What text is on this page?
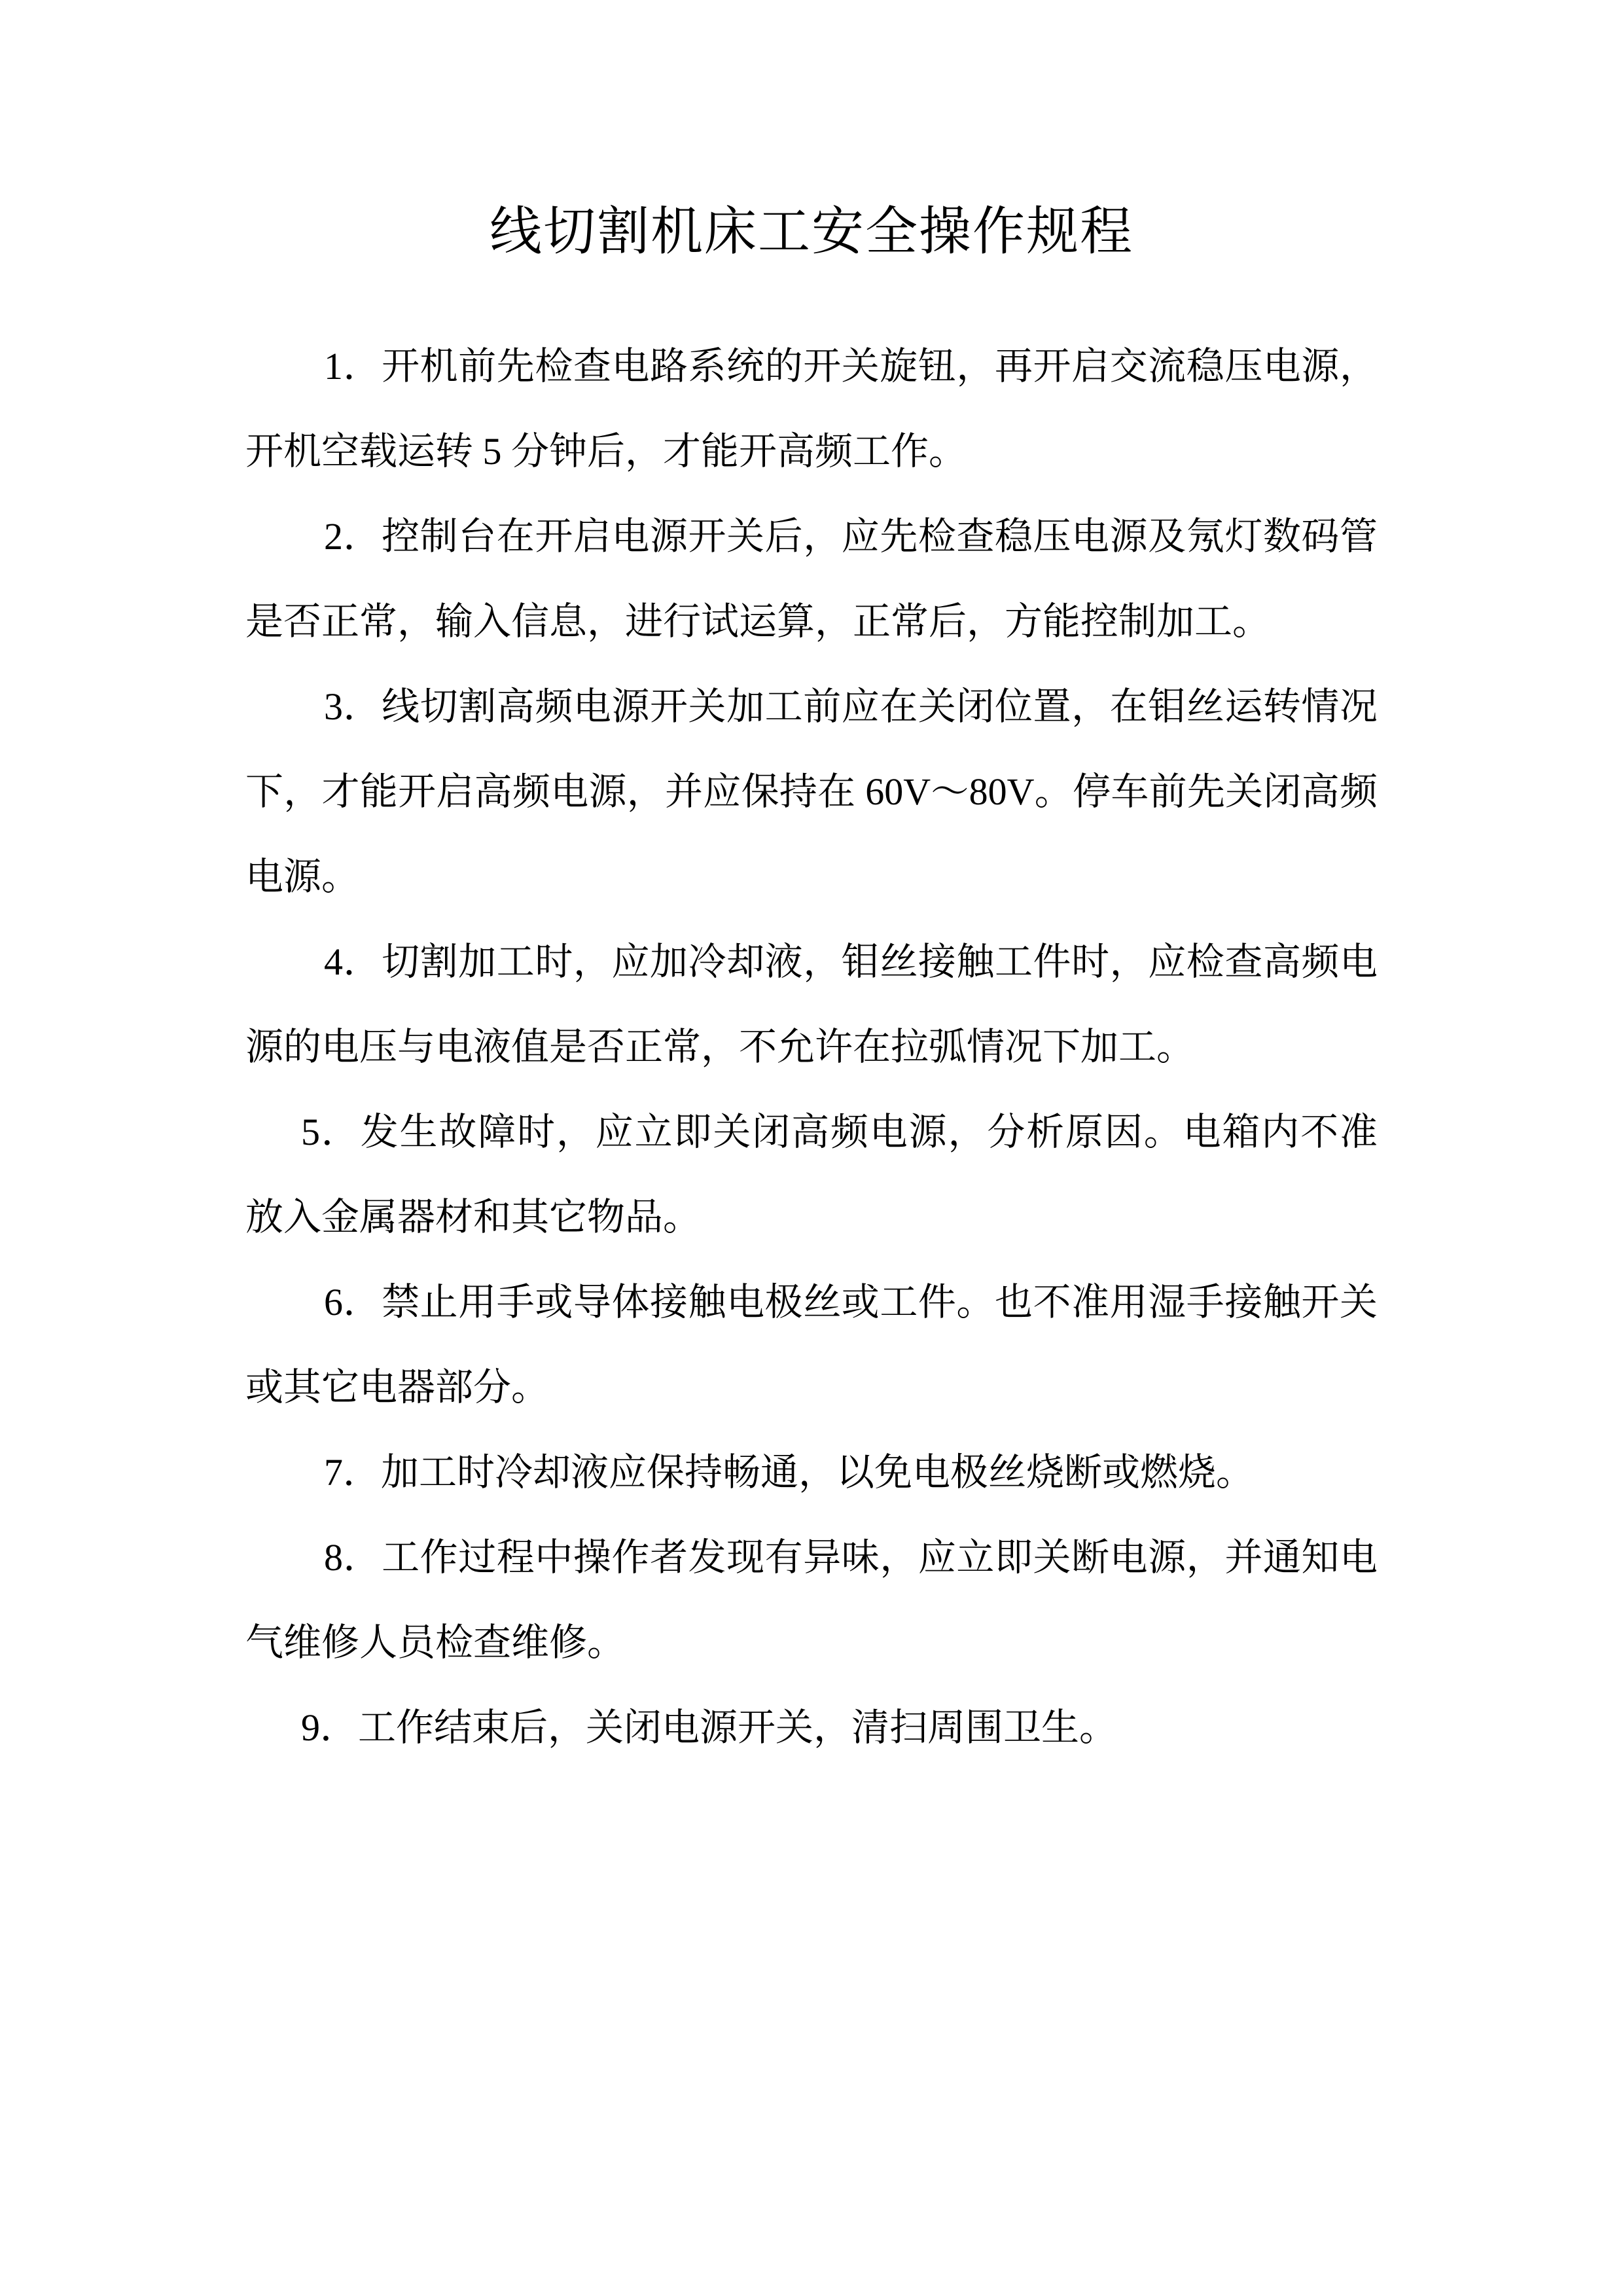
线切割机床工安全操作规程

1．开机前先检查电路系统的开关旋钮，再开启交流稳压电源，开机空载运转 5 分钟后，才能开高频工作。

2．控制台在开启电源开关后，应先检查稳压电源及氖灯数码管是否正常，输入信息，进行试运算，正常后，方能控制加工。

3．线切割高频电源开关加工前应在关闭位置，在钼丝运转情况下，才能开启高频电源，并应保持在 60V～80V。停车前先关闭高频电源。

4．切割加工时，应加冷却液，钼丝接触工件时，应检查高频电源的电压与电液值是否正常，不允许在拉弧情况下加工。

5．发生故障时，应立即关闭高频电源，分析原因。电箱内不准放入金属器材和其它物品。

6．禁止用手或导体接触电极丝或工件。也不准用湿手接触开关或其它电器部分。

7．加工时冷却液应保持畅通，以免电极丝烧断或燃烧。

8．工作过程中操作者发现有异味，应立即关断电源，并通知电气维修人员检查维修。

9．工作结束后，关闭电源开关，清扫周围卫生。
